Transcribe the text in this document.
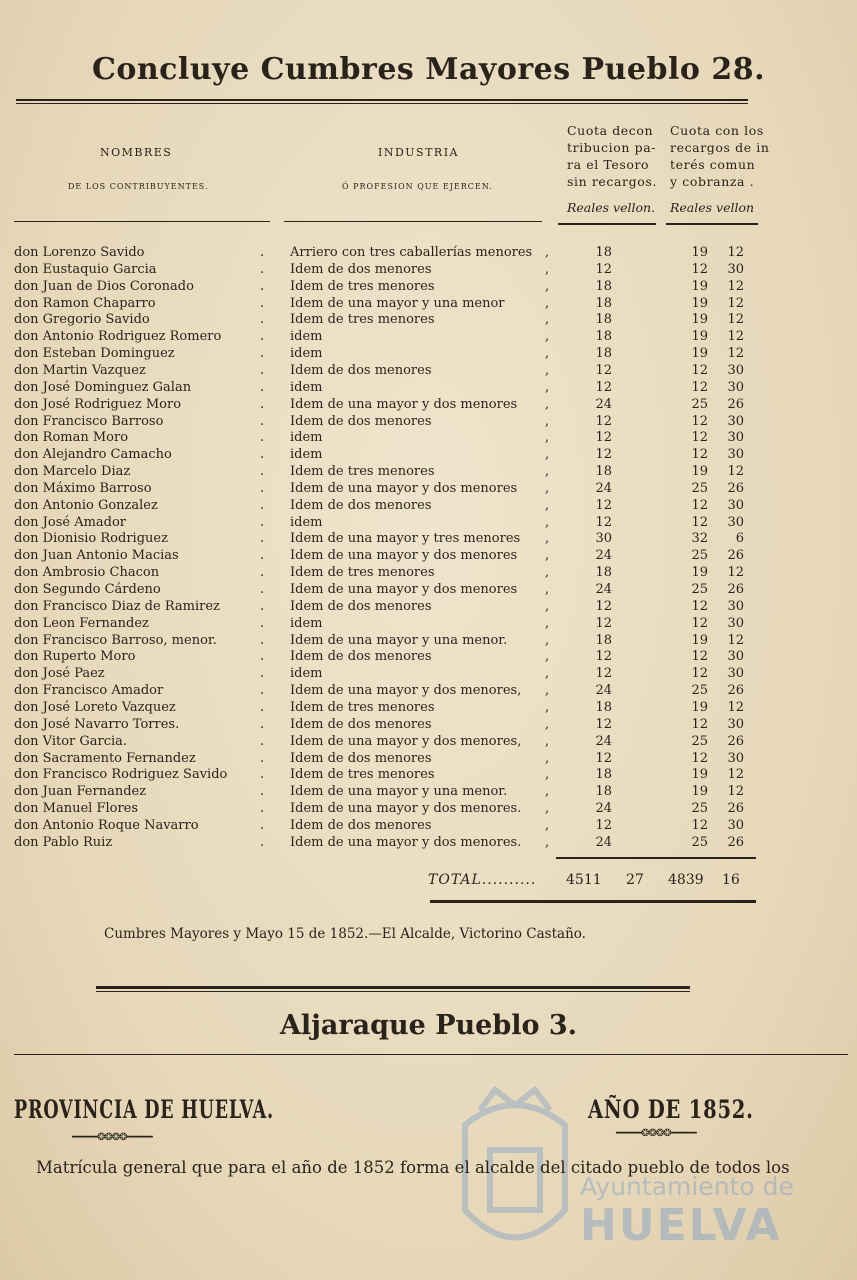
Concluye Cumbres Mayores Pueblo 28.
NOMBRES
DE LOS CONTRIBUYENTES.
INDUSTRIA
Ó PROFESION QUE EJERCEN.
Cuota decon
tribucion pa-
ra el Tesoro
sin recargos.
Reales vellon.
Cuota con los
recargos de in
terés comun
y cobranza .
Reales vellon
don Lorenzo Savido	. Arriero con tres caballerías menores ,	18	19	12
don Eustaquio Garcia	. Idem de dos menores	,	12	12	30
don Juan de Dios Coronado	. Idem de tres menores	,	18	19	12
don Ramon Chaparro	. Idem de una mayor y una menor	,	18	19	12
don Gregorio Savido	. Idem de tres menores	,	18	19	12
don Antonio Rodriguez Romero	. idem	,	18	19	12
don Esteban Dominguez	. idem	,	18	19	12
don Martin Vazquez	. Idem de dos menores	,	12	12	30
don José Dominguez Galan	. idem	,	12	12	30
don José Rodriguez Moro	. Idem de una mayor y dos menores ,	24	25	26
don Francisco Barroso	. Idem de dos menores	,	12	12	30
don Roman Moro	. idem	,	12	12	30
don Alejandro Camacho	. idem	,	12	12	30
don Marcelo Diaz	. Idem de tres menores	,	18	19	12
don Máximo Barroso	. Idem de una mayor y dos menores ,	24	25	26
don Antonio Gonzalez	. Idem de dos menores	,	12	12	30
don José Amador	. idem	,	12	12	30
don Dionisio Rodriguez	. Idem de una mayor y tres menores ,	30	32	6
don Juan Antonio Macias	. Idem de una mayor y dos menores ,	24	25	26
don Ambrosio Chacon	. Idem de tres menores	,	18	19	12
don Segundo Cárdeno	. Idem de una mayor y dos menores ,	24	25	26
don Francisco Diaz de Ramirez	. Idem de dos menores	,	12	12	30
don Leon Fernandez	. idem	,	12	12	30
don Francisco Barroso, menor.	. Idem de una mayor y una menor.	,	18	19	12
don Ruperto Moro	. Idem de dos menores	,	12	12	30
don José Paez	. idem	,	12	12	30
don Francisco Amador	. Idem de una mayor y dos menores, ,	24	25	26
don José Loreto Vazquez	. Idem de tres menores	,	18	19	12
don José Navarro Torres.	. Idem de dos menores	,	12	12	30
don Vitor Garcia.	. Idem de una mayor y dos menores, ,	24	25	26
don Sacramento Fernandez	. Idem de dos menores	,	12	12	30
don Francisco Rodriguez Savido	. Idem de tres menores	,	18	19	12
don Juan Fernandez	. Idem de una mayor y una menor.	,	18	19	12
don Manuel Flores	. Idem de una mayor y dos menores. ,	24	25	26
don Antonio Roque Navarro	. Idem de dos menores	,	12	12	30
don Pablo Ruiz	. Idem de una mayor y dos menores. ,	24	25	26
TOTAL.......... 4511 27 4839 16
Cumbres Mayores y Mayo 15 de 1852.—El Alcalde, Victorino Castaño.
Aljaraque Pueblo 3.
Ayuntamiento de
HUELVA
PROVINCIA DE HUELVA.
━━━━━❂❂❂❂━━━━━
AÑO DE 1852.
━━━━━❂❂❂❂━━━━━
Matrícula general que para el año de 1852 forma el alcalde del citado pueblo de todos los
